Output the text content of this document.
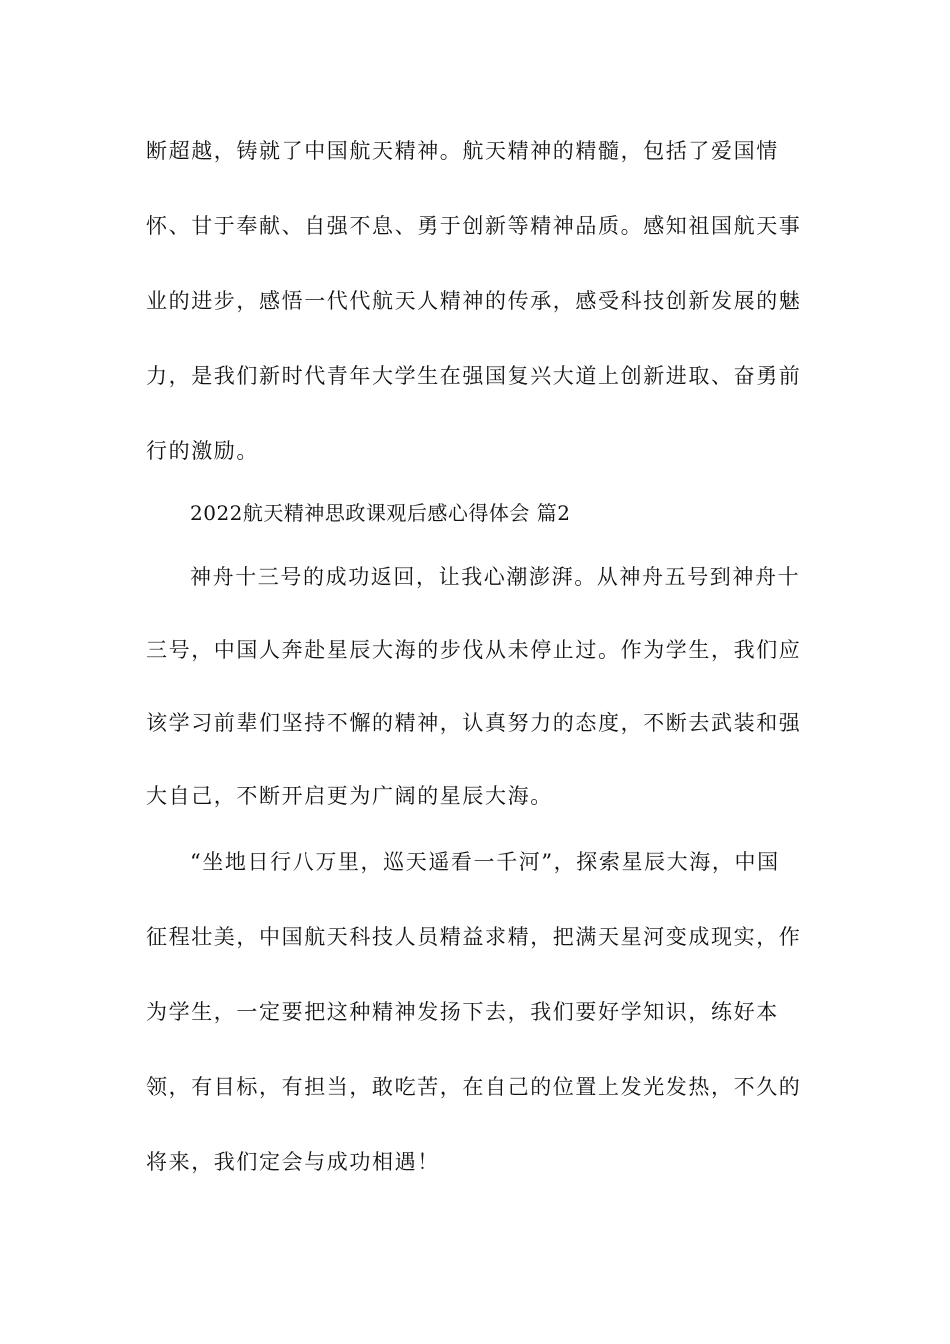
断超越，铸就了中国航天精神。航天精神的精髓，包括了爱国情
怀、甘于奉献、自强不息、勇于创新等精神品质。感知祖国航天事
业的进步，感悟一代代航天人精神的传承，感受科技创新发展的魅
力，是我们新时代青年大学生在强国复兴大道上创新进取、奋勇前
行的激励。
2022航天精神思政课观后感心得体会 篇2
神舟十三号的成功返回，让我心潮澎湃。从神舟五号到神舟十
三号，中国人奔赴星辰大海的步伐从未停止过。作为学生，我们应
该学习前辈们坚持不懈的精神，认真努力的态度，不断去武装和强
大自己，不断开启更为广阔的星辰大海。
“坐地日行八万里，巡天遥看一千河”，探索星辰大海，中国
征程壮美，中国航天科技人员精益求精，把满天星河变成现实，作
为学生，一定要把这种精神发扬下去，我们要好学知识，练好本
领，有目标，有担当，敢吃苦，在自己的位置上发光发热，不久的
将来，我们定会与成功相遇！
